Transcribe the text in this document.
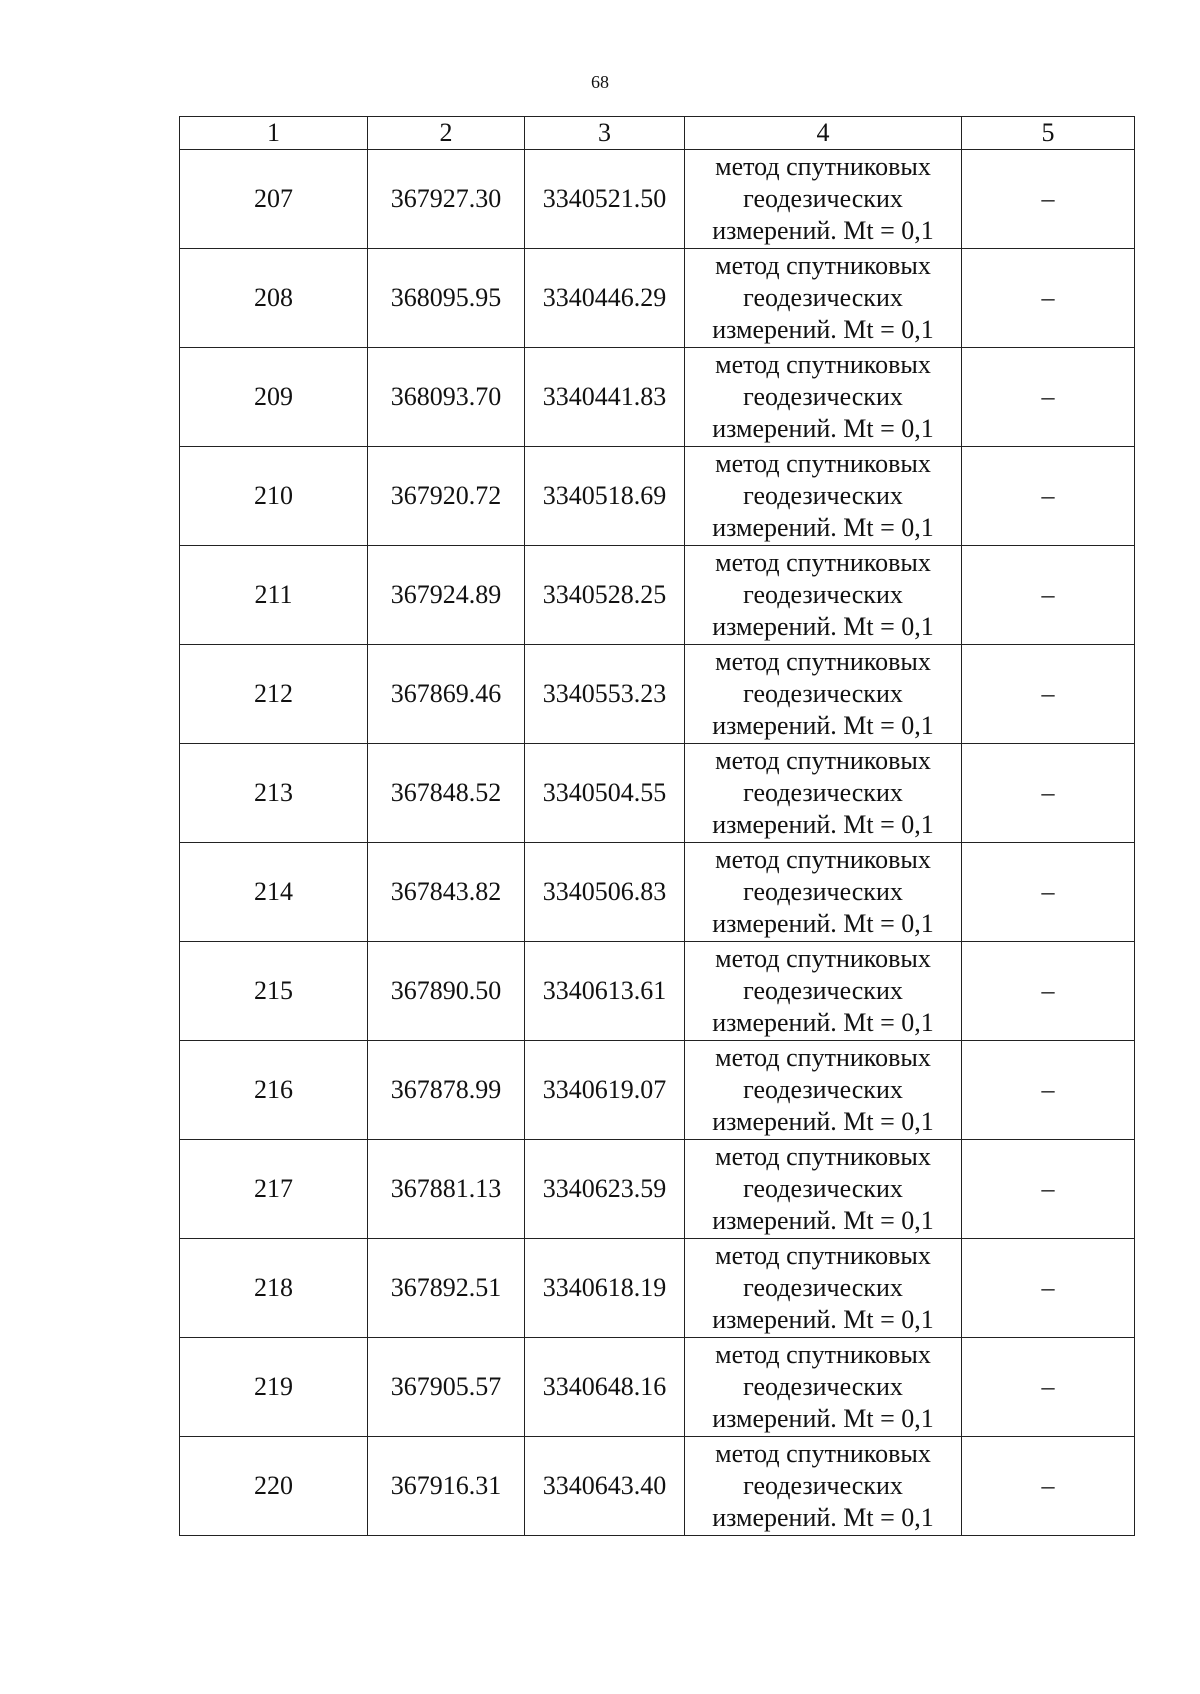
68
1	2	3	4	5
207	367927.30	3340521.50	метод спутниковых
геодезических
измерений. Mt = 0,1	–
208	368095.95	3340446.29	метод спутниковых
геодезических
измерений. Mt = 0,1	–
209	368093.70	3340441.83	метод спутниковых
геодезических
измерений. Mt = 0,1	–
210	367920.72	3340518.69	метод спутниковых
геодезических
измерений. Mt = 0,1	–
211	367924.89	3340528.25	метод спутниковых
геодезических
измерений. Mt = 0,1	–
212	367869.46	3340553.23	метод спутниковых
геодезических
измерений. Mt = 0,1	–
213	367848.52	3340504.55	метод спутниковых
геодезических
измерений. Mt = 0,1	–
214	367843.82	3340506.83	метод спутниковых
геодезических
измерений. Mt = 0,1	–
215	367890.50	3340613.61	метод спутниковых
геодезических
измерений. Mt = 0,1	–
216	367878.99	3340619.07	метод спутниковых
геодезических
измерений. Mt = 0,1	–
217	367881.13	3340623.59	метод спутниковых
геодезических
измерений. Mt = 0,1	–
218	367892.51	3340618.19	метод спутниковых
геодезических
измерений. Mt = 0,1	–
219	367905.57	3340648.16	метод спутниковых
геодезических
измерений. Mt = 0,1	–
220	367916.31	3340643.40	метод спутниковых
геодезических
измерений. Mt = 0,1	–
